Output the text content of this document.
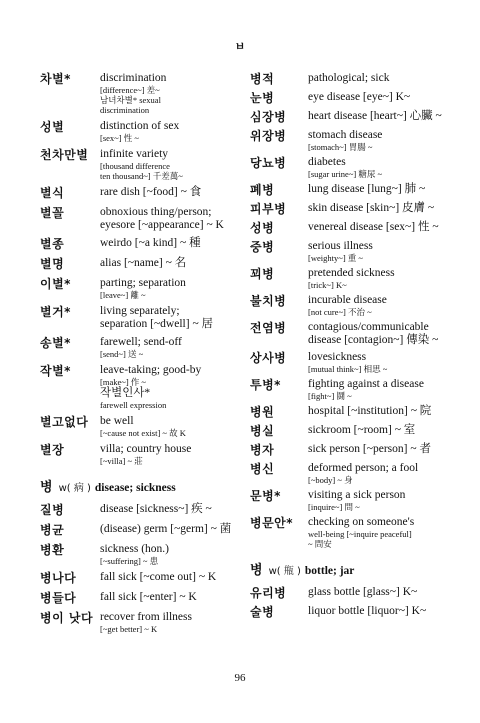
ㅂ
차별*	discrimination
[difference~] 差~
남녀차별* sexual
discrimination
성별	distinction of sex
[sex~] 性 ~
천차만별	infinite variety
[thousand difference
ten thousand~] 千差萬~
별식	rare dish [~food] ~ 食
별꼴	obnoxious thing/person;
eyesore [~appearance] ~ K
별종	weirdo [~a kind] ~ 種
별명	alias [~name] ~ 名
이별*	parting; separation
[leave~] 離 ~
별거*	living separately;
separation [~dwell] ~ 居
송별*	farewell; send-off
[send~] 送 ~
작별*	leave-taking; good-by
[make~] 作 ~
작별인사*
farewell expression
별고없다	be well
[~cause not exist] ~ 故 K
별장	villa; country house
[~villa] ~ 莊
병 w( 病 ) disease; sickness
질병	disease [sickness~] 疾 ~
병균	(disease) germ [~germ] ~ 菌
병환	sickness (hon.)
[~suffering] ~ 患
병나다	fall sick [~come out] ~ K
병들다	fall sick [~enter] ~ K
병이 낫다 recover from illness
[~get better] ~ K
병적	pathological; sick
눈병	eye disease [eye~] K~
심장병	heart disease [heart~] 心臟 ~
위장병	stomach disease
[stomach~] 胃腸 ~
당뇨병	diabetes
[sugar urine~] 糖尿 ~
폐병	lung disease [lung~] 肺 ~
피부병	skin disease [skin~] 皮膚 ~
성병	venereal disease [sex~] 性 ~
중병	serious illness
[weighty~] 重 ~
꾀병	pretended sickness
[trick~] K~
불치병	incurable disease
[not cure~] 不治 ~
전염병	contagious/communicable
disease [contagion~] 傳染 ~
상사병	lovesickness
[mutual think~] 相思 ~
투병*	fighting against a disease
[fight~] 鬪 ~
병원	hospital [~institution] ~ 院
병실	sickroom [~room] ~ 室
병자	sick person [~person] ~ 者
병신	deformed person; a fool
[~body] ~ 身
문병*	visiting a sick person
[inquire~] 問 ~
병문안*	checking on someone's
well-being [~inquire peaceful]
~ 問安
병 w( 甁 ) bottle; jar
유리병	glass bottle [glass~] K~
술병	liquor bottle [liquor~] K~
96
